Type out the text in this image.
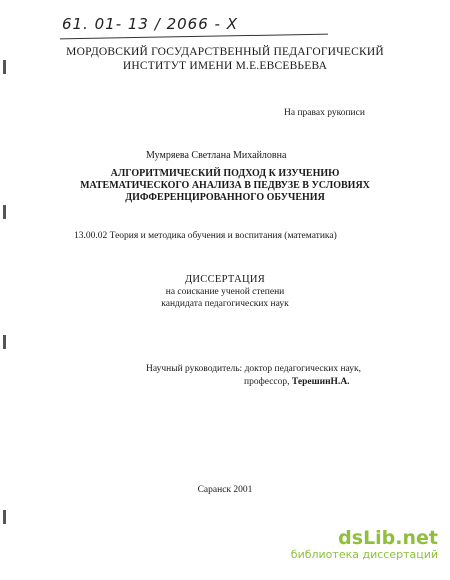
61. 01- 13 / 2066 - X
МОРДОВСКИЙ ГОСУДАРСТВЕННЫЙ ПЕДАГОГИЧЕСКИЙ
ИНСТИТУТ ИМЕНИ М.Е.ЕВСЕВЬЕВА
На правах рукописи
Мумряева Светлана Михайловна
АЛГОРИТМИЧЕСКИЙ ПОДХОД К ИЗУЧЕНИЮ
МАТЕМАТИЧЕСКОГО АНАЛИЗА В ПЕДВУЗЕ В УСЛОВИЯХ
ДИФФЕРЕНЦИРОВАННОГО ОБУЧЕНИЯ
13.00.02 Теория и методика обучения и воспитания (математика)
ДИССЕРТАЦИЯ
на соискание ученой степени
кандидата педагогических наук
Научный руководитель: доктор педагогических наук,
профессор, ТерешинН.А.
Саранск 2001
dsLib.net
библиотека диссертаций
